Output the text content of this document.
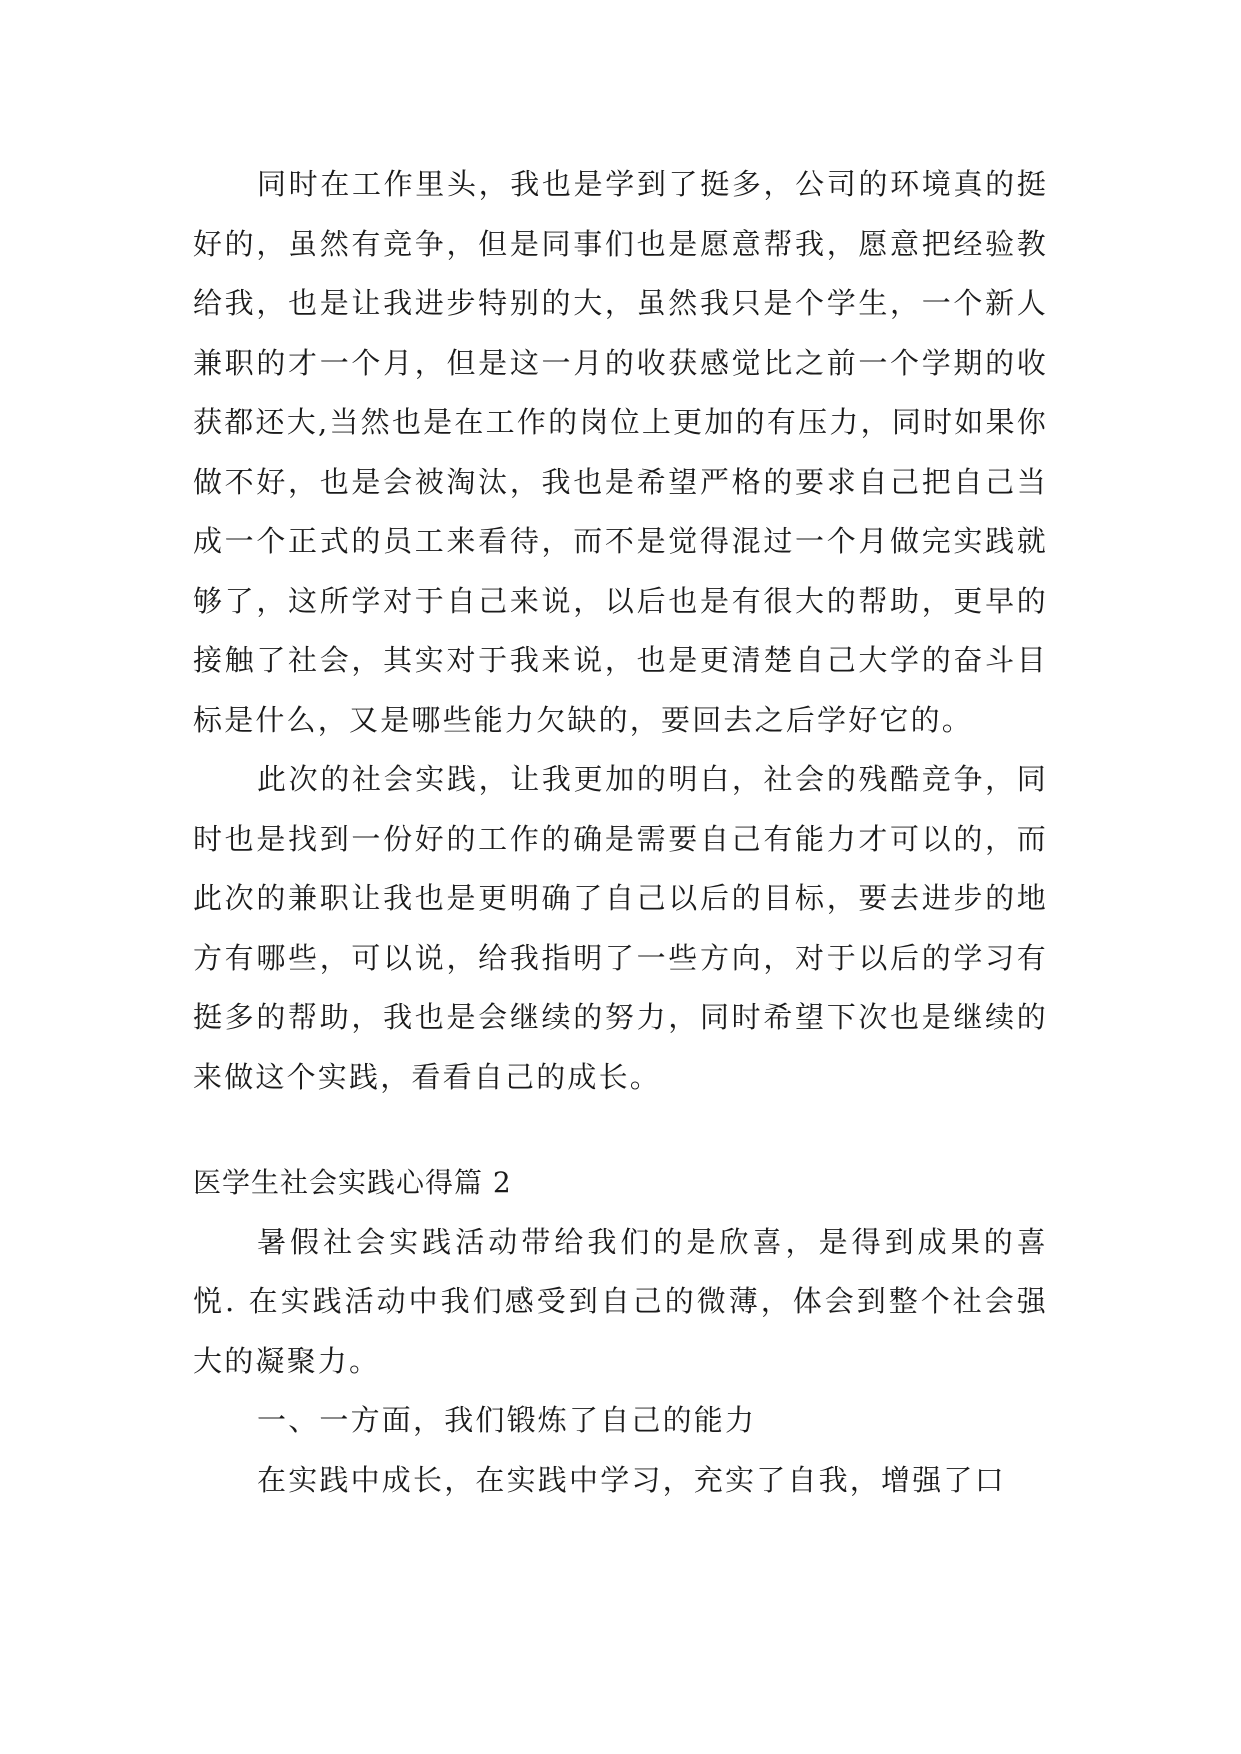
同时在工作里头，我也是学到了挺多，公司的环境真的挺好的，虽然有竞争，但是同事们也是愿意帮我，愿意把经验教给我，也是让我进步特别的大，虽然我只是个学生，一个新人兼职的才一个月，但是这一月的收获感觉比之前一个学期的收获都还大,当然也是在工作的岗位上更加的有压力，同时如果你做不好，也是会被淘汰，我也是希望严格的要求自己把自己当成一个正式的员工来看待，而不是觉得混过一个月做完实践就够了，这所学对于自己来说，以后也是有很大的帮助，更早的接触了社会，其实对于我来说，也是更清楚自己大学的奋斗目标是什么，又是哪些能力欠缺的，要回去之后学好它的。

此次的社会实践，让我更加的明白，社会的残酷竞争，同时也是找到一份好的工作的确是需要自己有能力才可以的，而此次的兼职让我也是更明确了自己以后的目标，要去进步的地方有哪些，可以说，给我指明了一些方向，对于以后的学习有挺多的帮助，我也是会继续的努力，同时希望下次也是继续的来做这个实践，看看自己的成长。

医学生社会实践心得篇 2

暑假社会实践活动带给我们的是欣喜，是得到成果的喜悦. 在实践活动中我们感受到自己的微薄，体会到整个社会强大的凝聚力。

一、一方面，我们锻炼了自己的能力

在实践中成长，在实践中学习，充实了自我，增强了口
